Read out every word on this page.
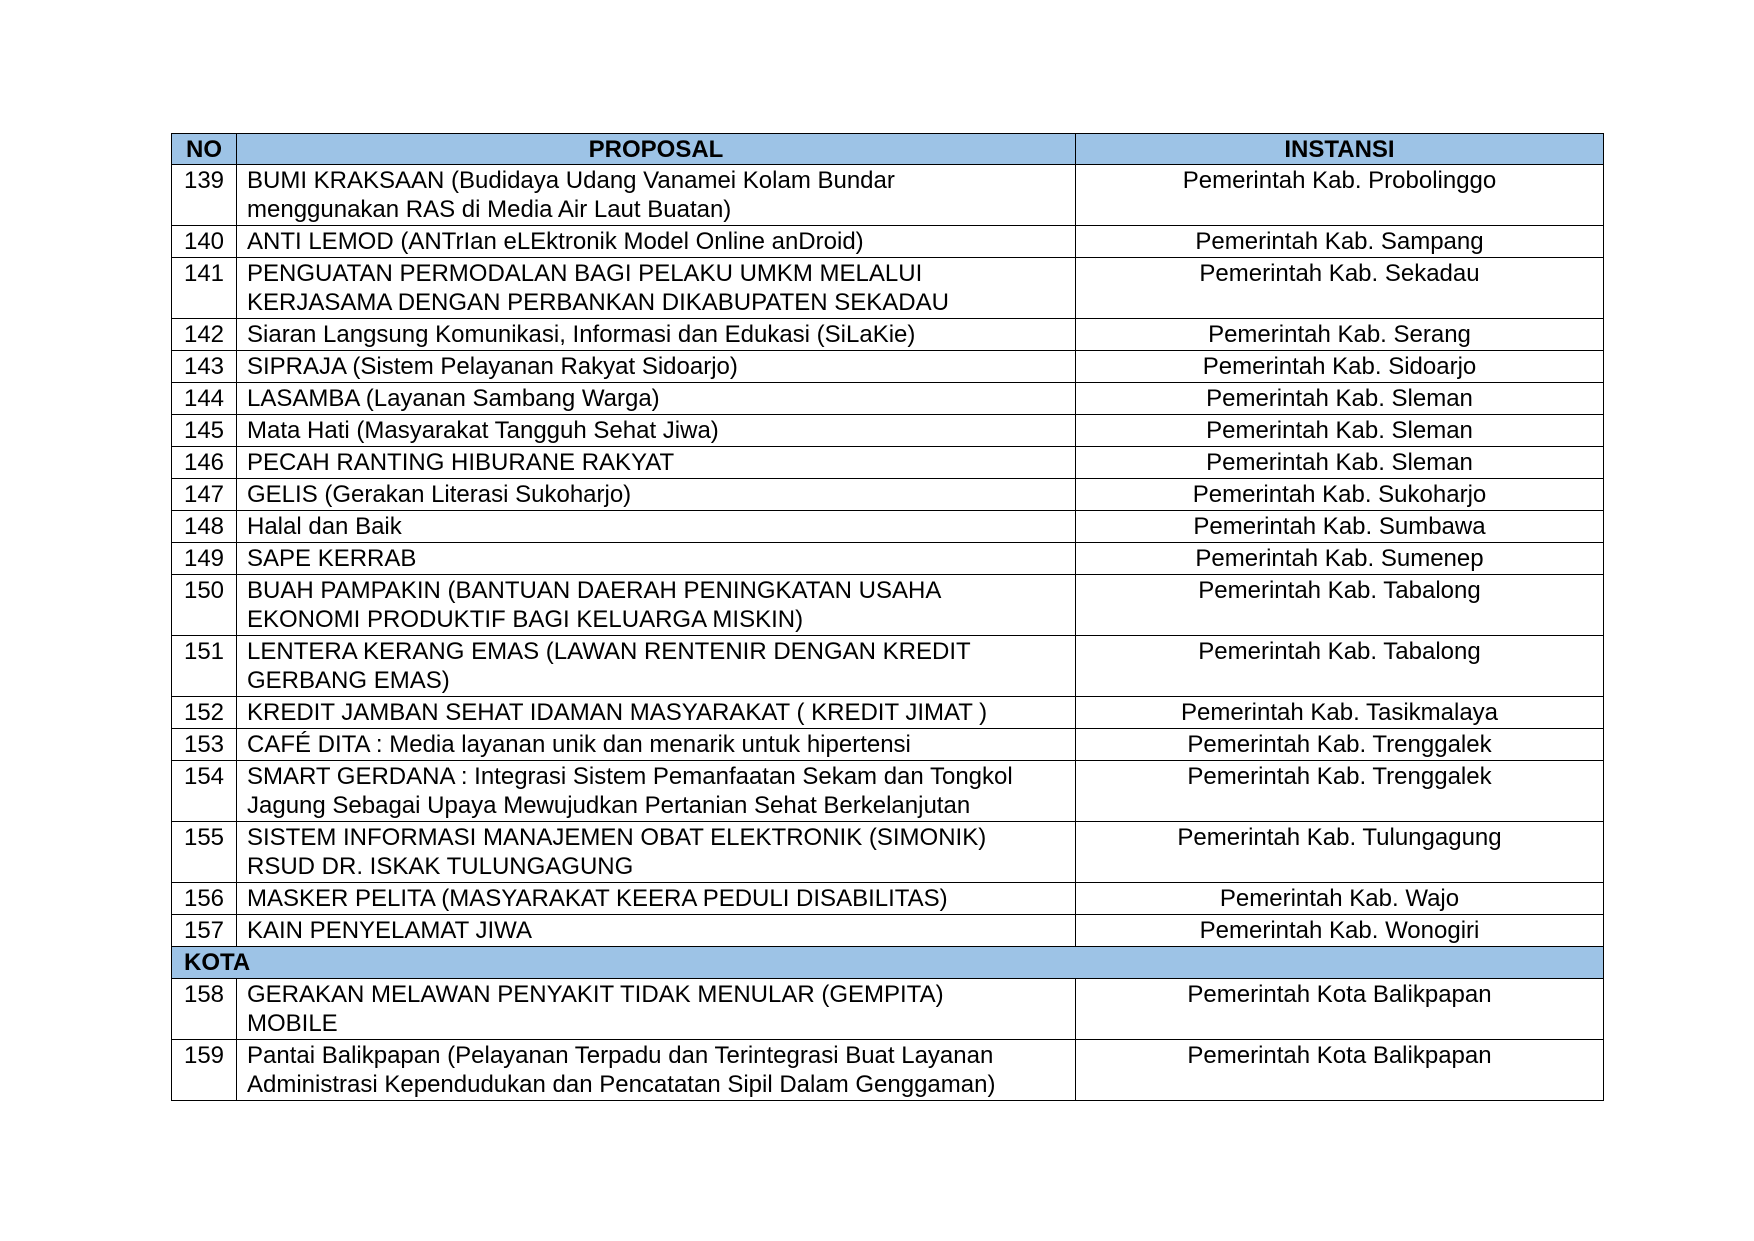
NO	PROPOSAL	INSTANSI
139	BUMI KRAKSAAN (Budidaya Udang Vanamei Kolam Bundar
menggunakan RAS di Media Air Laut Buatan)	Pemerintah Kab. Probolinggo
140	ANTI LEMOD (ANTrIan eLEktronik Model Online anDroid)	Pemerintah Kab. Sampang
141	PENGUATAN PERMODALAN BAGI PELAKU UMKM MELALUI
KERJASAMA DENGAN PERBANKAN DIKABUPATEN SEKADAU	Pemerintah Kab. Sekadau
142	Siaran Langsung Komunikasi, Informasi dan Edukasi (SiLaKie)	Pemerintah Kab. Serang
143	SIPRAJA (Sistem Pelayanan Rakyat Sidoarjo)	Pemerintah Kab. Sidoarjo
144	LASAMBA (Layanan Sambang Warga)	Pemerintah Kab. Sleman
145	Mata Hati (Masyarakat Tangguh Sehat Jiwa)	Pemerintah Kab. Sleman
146	PECAH RANTING HIBURANE RAKYAT	Pemerintah Kab. Sleman
147	GELIS (Gerakan Literasi Sukoharjo)	Pemerintah Kab. Sukoharjo
148	Halal dan Baik	Pemerintah Kab. Sumbawa
149	SAPE KERRAB	Pemerintah Kab. Sumenep
150	BUAH PAMPAKIN (BANTUAN DAERAH PENINGKATAN USAHA
EKONOMI PRODUKTIF BAGI KELUARGA MISKIN)	Pemerintah Kab. Tabalong
151	LENTERA KERANG EMAS (LAWAN RENTENIR DENGAN KREDIT
GERBANG EMAS)	Pemerintah Kab. Tabalong
152	KREDIT JAMBAN SEHAT IDAMAN MASYARAKAT ( KREDIT JIMAT )	Pemerintah Kab. Tasikmalaya
153	CAFÉ DITA : Media layanan unik dan menarik untuk hipertensi	Pemerintah Kab. Trenggalek
154	SMART GERDANA : Integrasi Sistem Pemanfaatan Sekam dan Tongkol
Jagung Sebagai Upaya Mewujudkan Pertanian Sehat Berkelanjutan	Pemerintah Kab. Trenggalek
155	SISTEM INFORMASI MANAJEMEN OBAT ELEKTRONIK (SIMONIK)
RSUD DR. ISKAK TULUNGAGUNG	Pemerintah Kab. Tulungagung
156	MASKER PELITA (MASYARAKAT KEERA PEDULI DISABILITAS)	Pemerintah Kab. Wajo
157	KAIN PENYELAMAT JIWA	Pemerintah Kab. Wonogiri
KOTA		
158	GERAKAN MELAWAN PENYAKIT TIDAK MENULAR (GEMPITA)
MOBILE	Pemerintah Kota Balikpapan
159	Pantai Balikpapan (Pelayanan Terpadu dan Terintegrasi Buat Layanan
Administrasi Kependudukan dan Pencatatan Sipil Dalam Genggaman)	Pemerintah Kota Balikpapan
